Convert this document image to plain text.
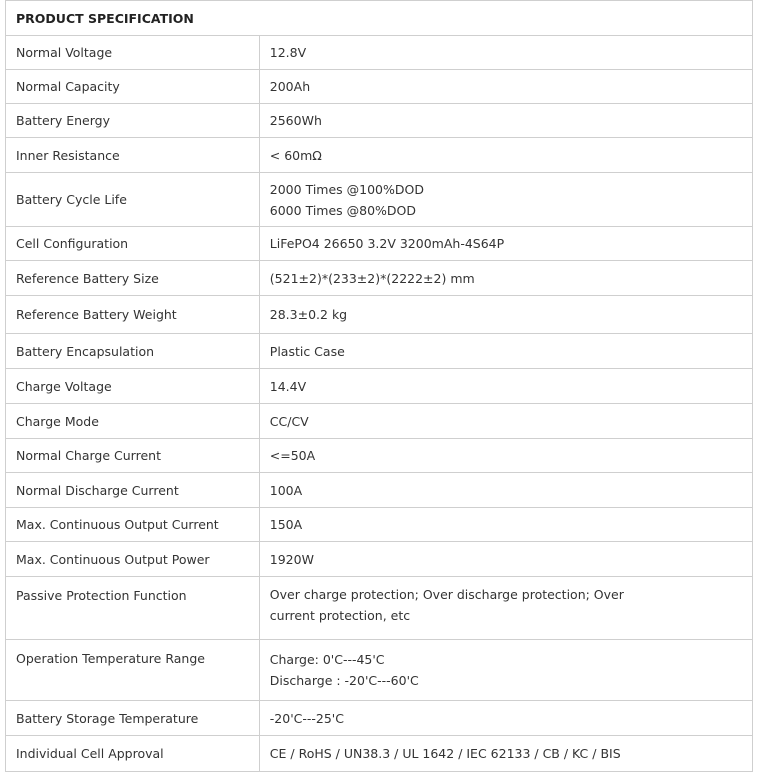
PRODUCT SPECIFICATION	
Normal Voltage	12.8V
Normal Capacity	200Ah
Battery Energy	2560Wh
Inner Resistance	< 60mΩ
Battery Cycle Life	2000 Times @100%DOD
6000 Times @80%DOD

Cell Configuration	LiFePO4 26650 3.2V 3200mAh-4S64P
Reference Battery Size	(521±2)*(233±2)*(2222±2) mm
Reference Battery Weight	28.3±0.2 kg
Battery Encapsulation	Plastic Case
Charge Voltage	14.4V
Charge Mode	CC/CV
Normal Charge Current	<=50A
Normal Discharge Current	100A
Max. Continuous Output Current	150A
Max. Continuous Output Power	1920W
Passive Protection Function	Over charge protection; Over discharge protection; Over
current protection, etc

Operation Temperature Range	Charge: 0'C---45'C
Discharge : -20'C---60'C

Battery Storage Temperature	-20'C---25'C
Individual Cell Approval	CE / RoHS / UN38.3 / UL 1642 / IEC 62133 / CB / KC / BIS
